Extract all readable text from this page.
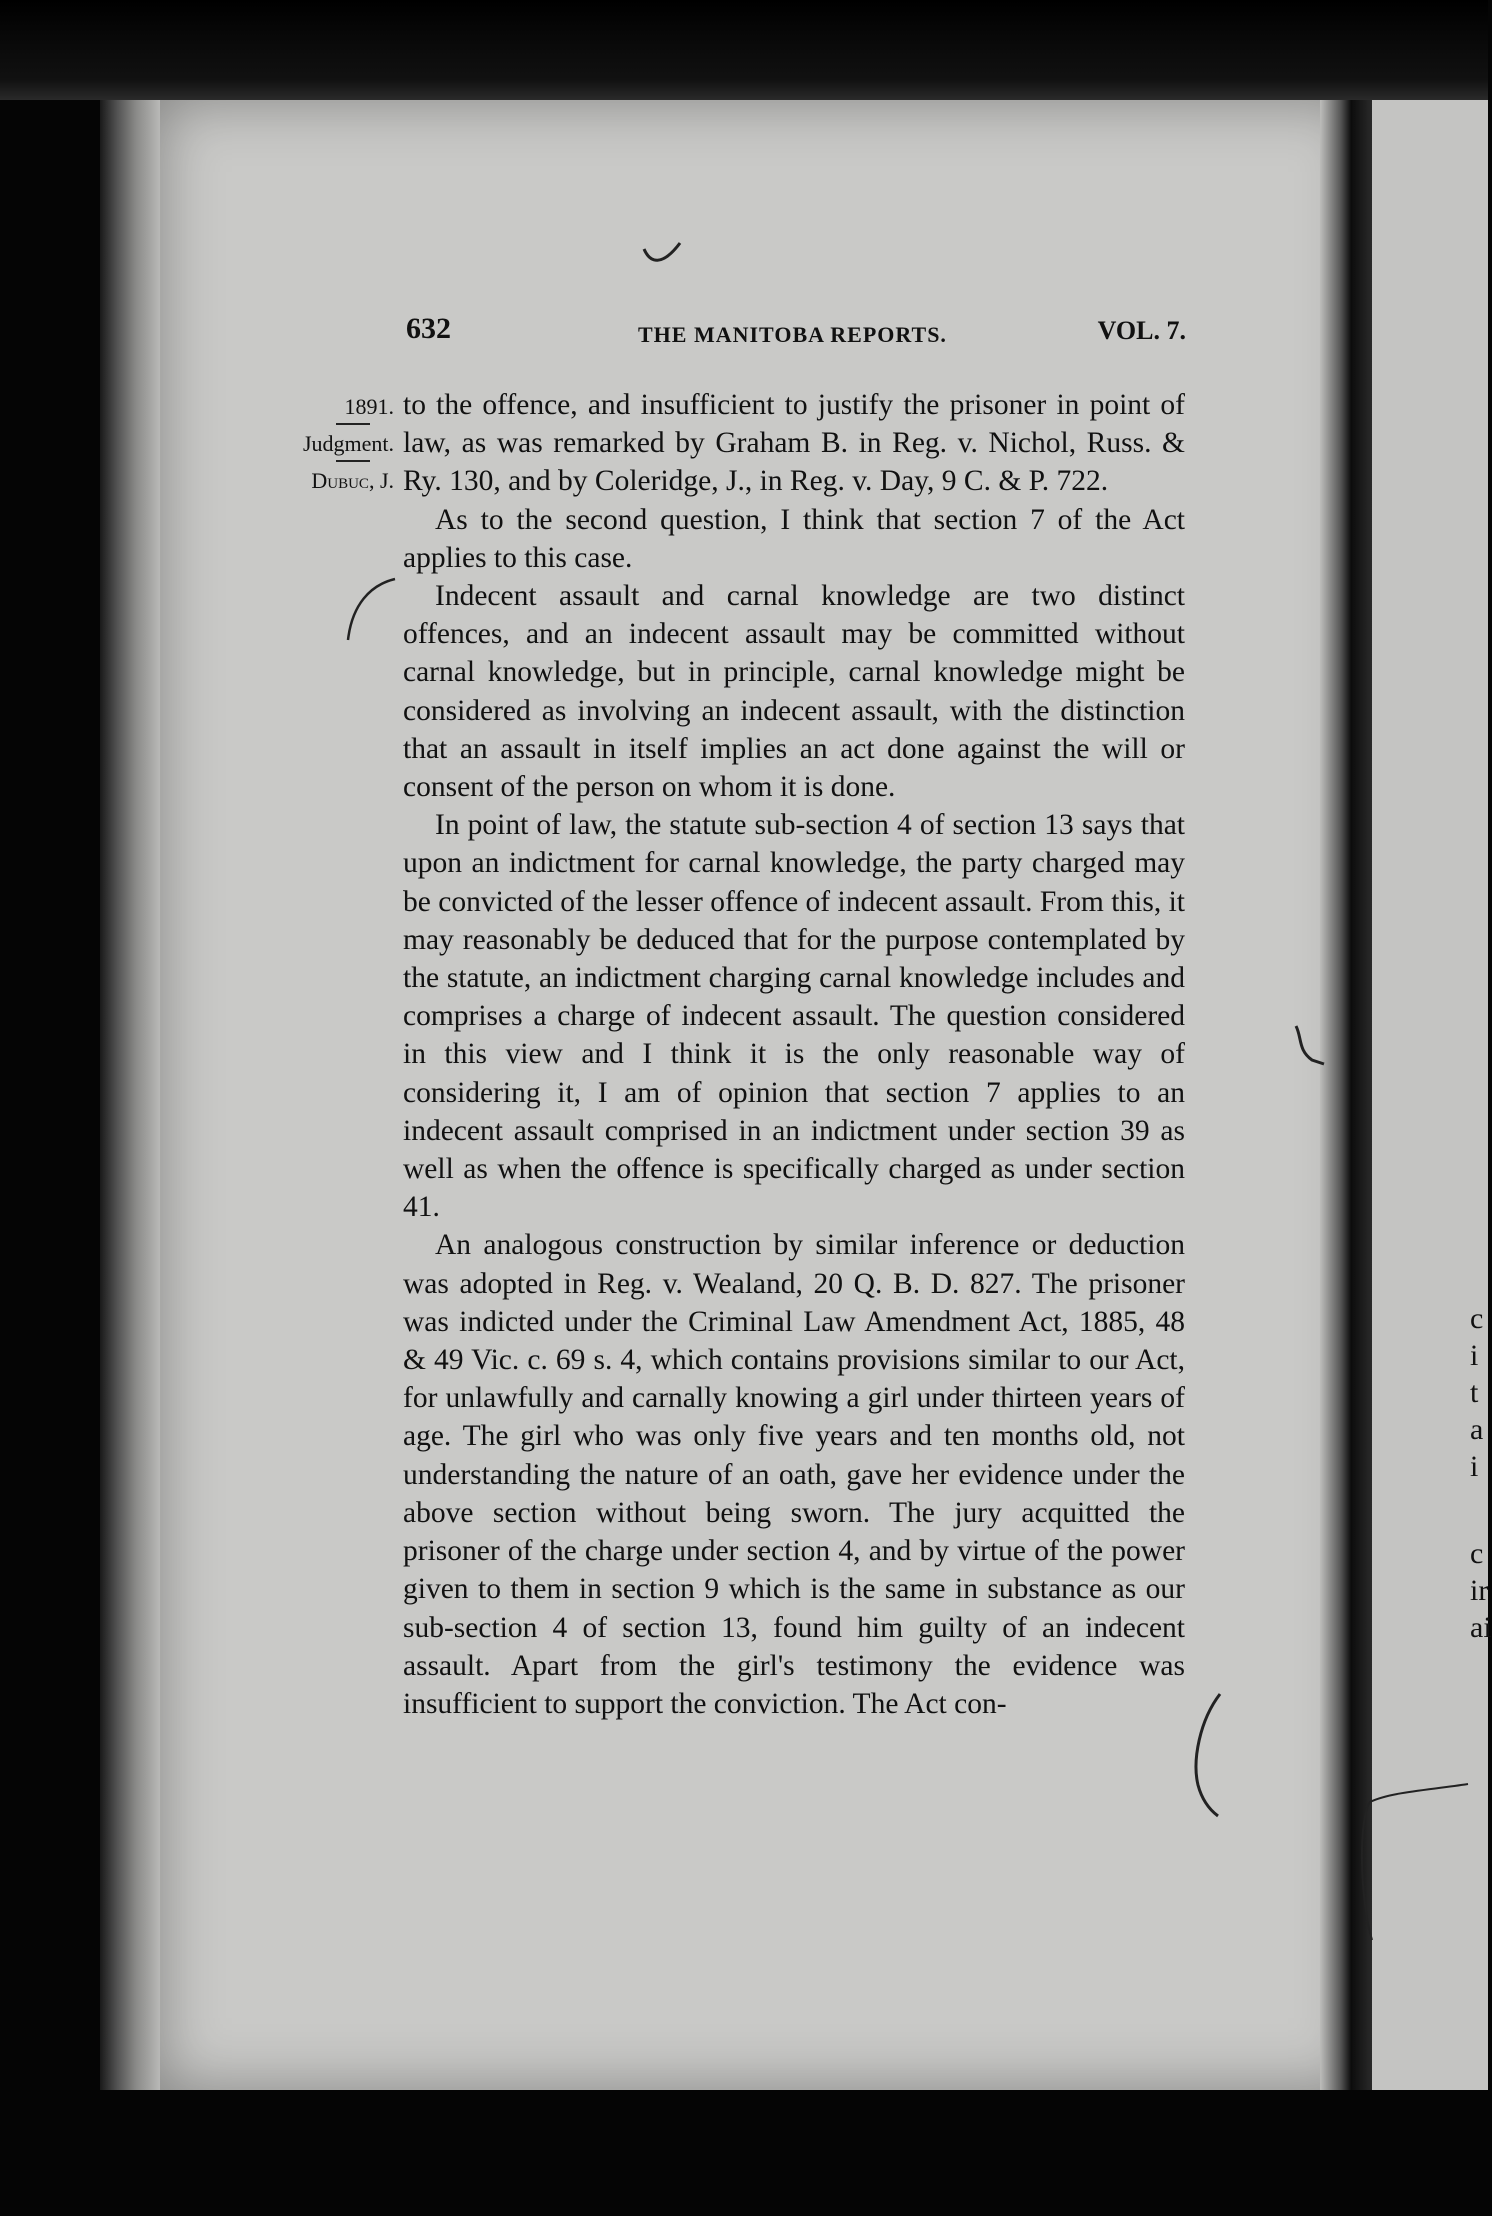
c
i
t
a
i
c
ir
ai
632	THE MANITOBA REPORTS.	VOL. 7.
1891.
Judgment.
Dubuc, J.

to the offence, and insufficient to justify the prisoner in point of law, as was remarked by Graham B. in Reg. v. Nichol, Russ. & Ry. 130, and by Coleridge, J., in Reg. v. Day, 9 C. & P. 722.

As to the second question, I think that section 7 of the Act applies to this case.

Indecent assault and carnal knowledge are two distinct offences, and an indecent assault may be committed without carnal knowledge, but in principle, carnal knowledge might be considered as involving an indecent assault, with the distinction that an assault in itself implies an act done against the will or consent of the person on whom it is done.

In point of law, the statute sub-section 4 of section 13 says that upon an indictment for carnal knowledge, the party charged may be convicted of the lesser offence of indecent assault. From this, it may reasonably be deduced that for the purpose contemplated by the statute, an indictment charging carnal knowledge includes and comprises a charge of indecent assault. The question considered in this view and I think it is the only reasonable way of considering it, I am of opinion that section 7 applies to an indecent assault comprised in an indictment under section 39 as well as when the offence is specifically charged as under section 41.

An analogous construction by similar inference or deduction was adopted in Reg. v. Wealand, 20 Q. B. D. 827. The prisoner was indicted under the Criminal Law Amendment Act, 1885, 48 & 49 Vic. c. 69 s. 4, which contains provisions similar to our Act, for unlawfully and carnally knowing a girl under thirteen years of age. The girl who was only five years and ten months old, not understanding the nature of an oath, gave her evidence under the above section without being sworn. The jury acquitted the prisoner of the charge under section 4, and by virtue of the power given to them in section 9 which is the same in substance as our sub-section 4 of section 13, found him guilty of an indecent assault. Apart from the girl's testimony the evidence was insufficient to support the conviction. The Act con-
